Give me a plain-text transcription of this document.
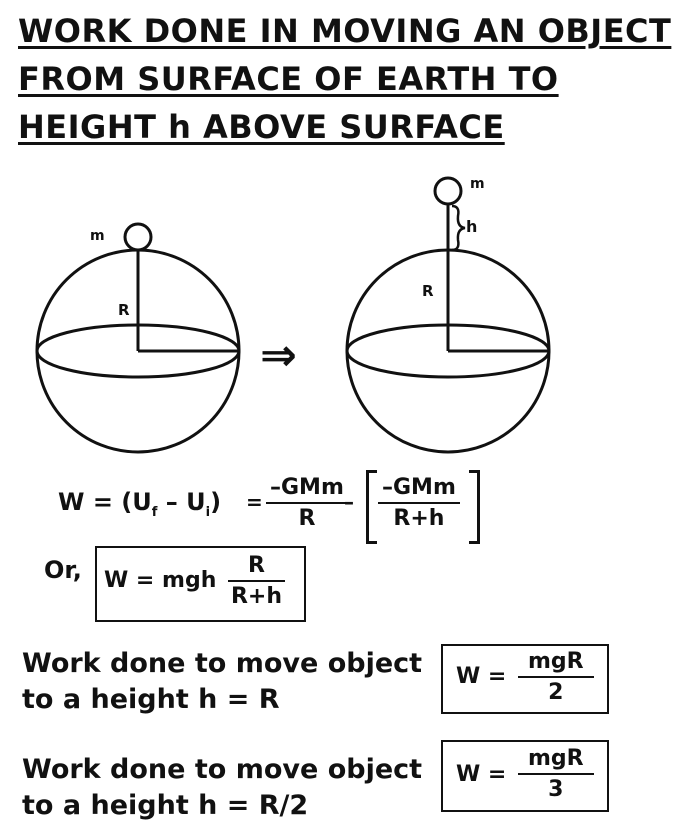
WORK DONE IN MOVING AN OBJECT
FROM SURFACE OF EARTH TO
HEIGHT h ABOVE SURFACE
m
R
⇒
m
h
R
$W = (U_f - U_i)$ =
–GMm
R
–
–GMm
R+h
Or, W = mgh $\frac{R}{R+h}$
Work done to move object
to a height h = R
W =
mgR
2
Work done to move object
to a height h = R/2
W =
mgR
3
